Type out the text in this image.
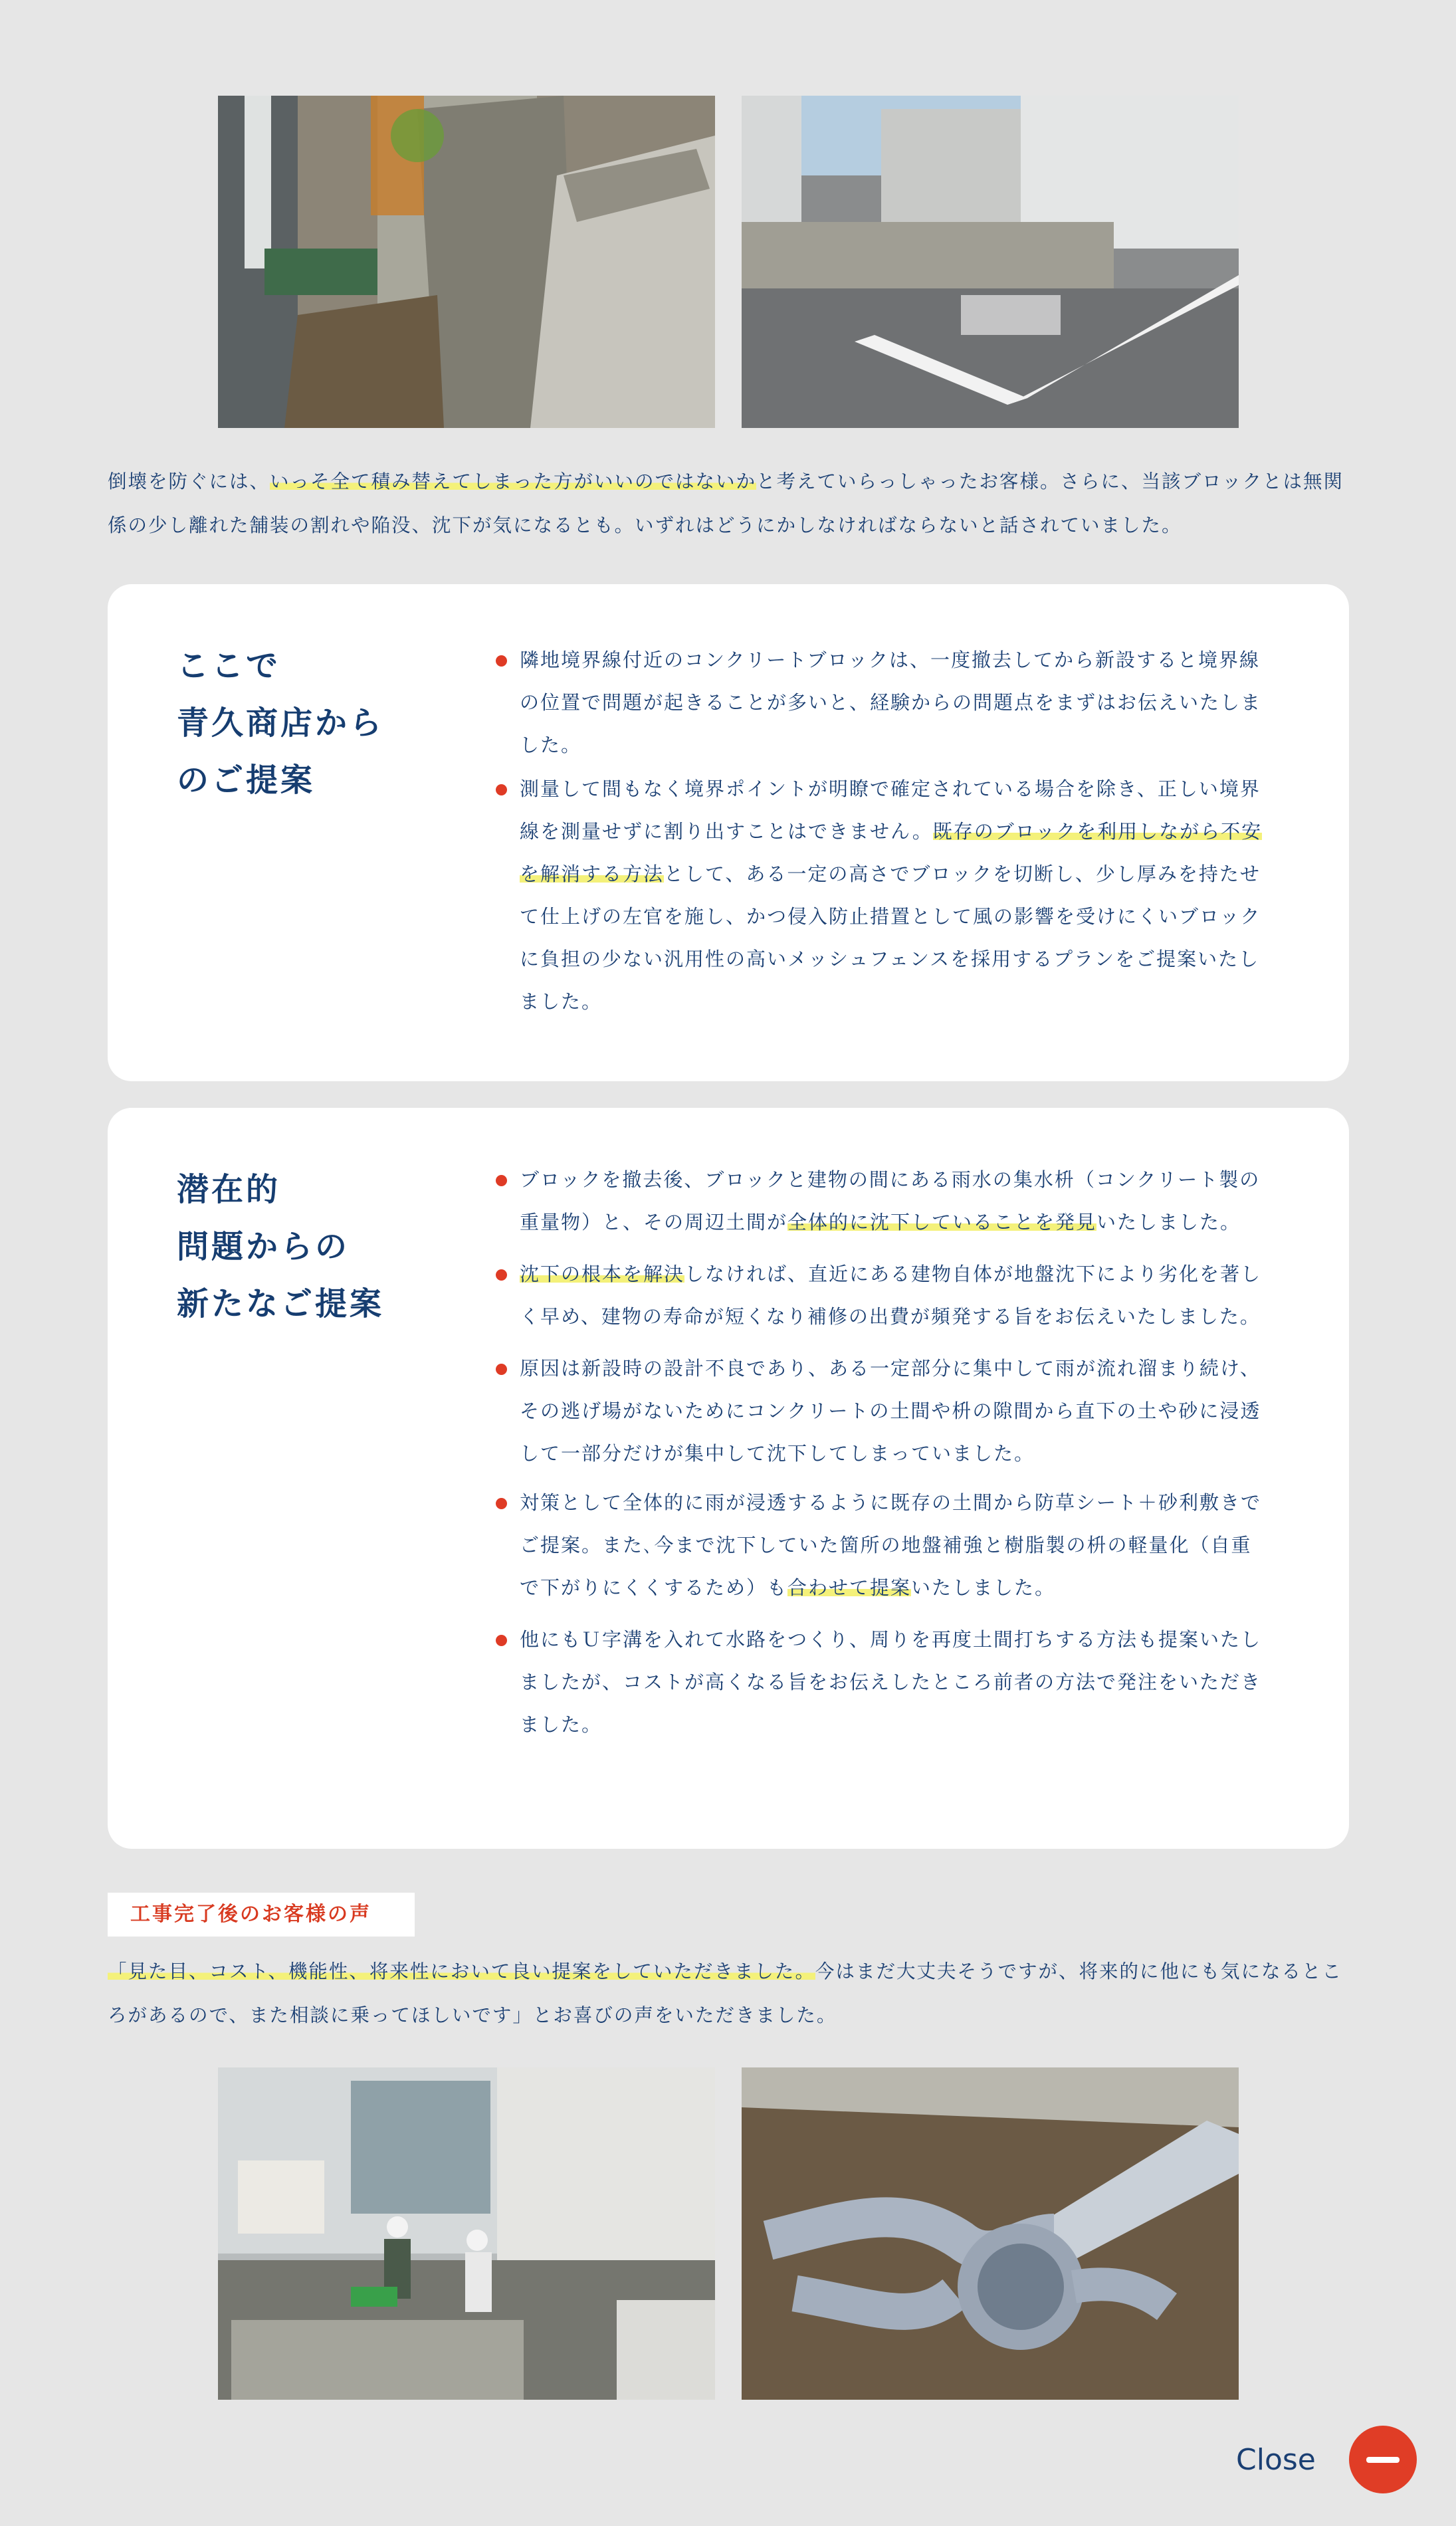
倒壊を防ぐには、いっそ全て積み替えてしまった方がいいのではないかと考えていらっしゃったお客様。さらに、当該ブロックとは無関係の少し離れた舗装の割れや陥没、沈下が気になるとも。いずれはどうにかしなければならないと話されていました。

ここで
青久商店から
のご提案
隣地境界線付近のコンクリートブロックは、一度撤去してから新設すると境界線の位置で問題が起きることが多いと、経験からの問題点をまずはお伝えいたしました。
測量して間もなく境界ポイントが明瞭で確定されている場合を除き、正しい境界線を測量せずに割り出すことはできません。既存のブロックを利用しながら不安を解消する方法として、ある一定の高さでブロックを切断し、少し厚みを持たせて仕上げの左官を施し、かつ侵入防止措置として風の影響を受けにくいブロックに負担の少ない汎用性の高いメッシュフェンスを採用するプランをご提案いたしました。
潜在的
問題からの
新たなご提案
ブロックを撤去後、ブロックと建物の間にある雨水の集水枡（コンクリート製の重量物）と、その周辺土間が全体的に沈下していることを発見いたしました。
沈下の根本を解決しなければ、直近にある建物自体が地盤沈下により劣化を著しく早め、建物の寿命が短くなり補修の出費が頻発する旨をお伝えいたしました。
原因は新設時の設計不良であり、ある一定部分に集中して雨が流れ溜まり続け、その逃げ場がないためにコンクリートの土間や枡の隙間から直下の土や砂に浸透して一部分だけが集中して沈下してしまっていました。
対策として全体的に雨が浸透するように既存の土間から防草シート＋砂利敷きでご提案。また､今まで沈下していた箇所の地盤補強と樹脂製の枡の軽量化（自重で下がりにくくするため）も合わせて提案いたしました。
他にもＵ字溝を入れて水路をつくり、周りを再度土間打ちする方法も提案いたしましたが、コストが高くなる旨をお伝えしたところ前者の方法で発注をいただきました。
工事完了後のお客様の声

「見た目、コスト、機能性、将来性において良い提案をしていただきました。今はまだ大丈夫そうですが、将来的に他にも気になるところがあるので、また相談に乗ってほしいです」とお喜びの声をいただきました。

Close
